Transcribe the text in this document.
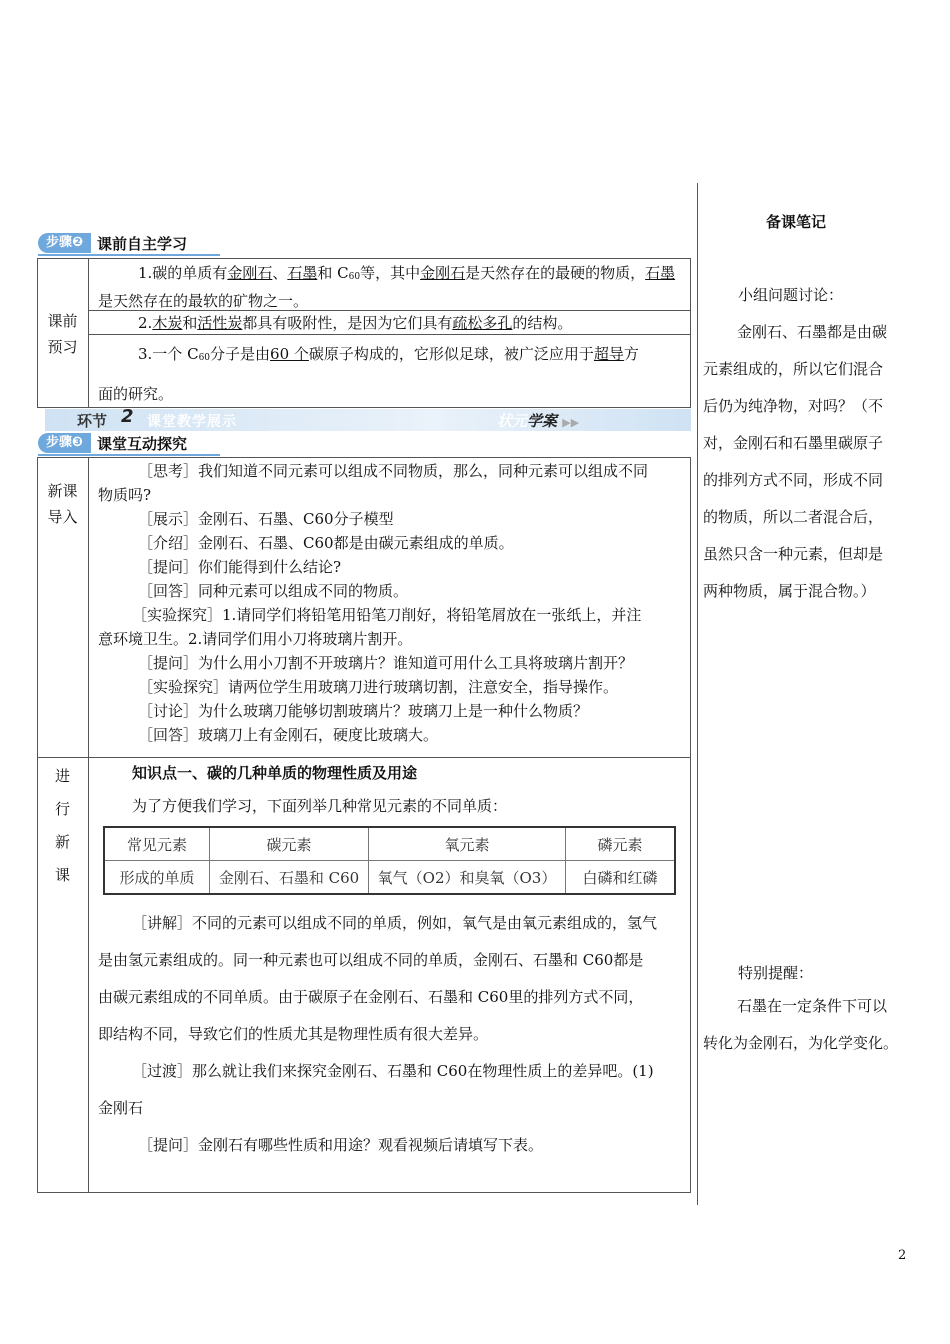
步骤❷ 课前自主学习
课前
预习
1.碳的单质有金刚石、石墨和 $C_{60}$等，其中金刚石是天然存在的最硬的物质，石墨是天然存在的最软的矿物之一。
2.木炭和活性炭都具有吸附性，是因为它们具有疏松多孔的结构。
3.一个 $C_{60}$分子是由60 个碳原子构成的，它形似足球，被广泛应用于超导方
面的研究。
环节 2 课堂教学展示	状元学案 ▶▶
步骤❸ 课堂互动探究
新课
导入
［思考］我们知道不同元素可以组成不同物质，那么，同种元素可以组成不同
物质吗?
［展示］金刚石、石墨、C60分子模型
［介绍］金刚石、石墨、C60都是由碳元素组成的单质。
［提问］你们能得到什么结论?
［回答］同种元素可以组成不同的物质。
［实验探究］1.请同学们将铅笔用铅笔刀削好，将铅笔屑放在一张纸上，并注
意环境卫生。2.请同学们用小刀将玻璃片割开。
［提问］为什么用小刀割不开玻璃片？谁知道可用什么工具将玻璃片割开？
［实验探究］请两位学生用玻璃刀进行玻璃切割，注意安全，指导操作。
［讨论］为什么玻璃刀能够切割玻璃片？玻璃刀上是一种什么物质？
［回答］玻璃刀上有金刚石，硬度比玻璃大。
进
行
新
课
知识点一、碳的几种单质的物理性质及用途
为了方便我们学习，下面列举几种常见元素的不同单质：
常见元素	碳元素	氧元素	磷元素
形成的单质	金刚石、石墨和 C60	氧气（O2）和臭氧（O3）	白磷和红磷
［讲解］不同的元素可以组成不同的单质，例如，氧气是由氧元素组成的，氢气
是由氢元素组成的。同一种元素也可以组成不同的单质，金刚石、石墨和 C60都是
由碳元素组成的不同单质。由于碳原子在金刚石、石墨和 C60里的排列方式不同，
即结构不同，导致它们的性质尤其是物理性质有很大差异。
［过渡］那么就让我们来探究金刚石、石墨和 C60在物理性质上的差异吧。(1)
金刚石
［提问］金刚石有哪些性质和用途？观看视频后请填写下表。
备课笔记
小组问题讨论：
金刚石、石墨都是由碳
元素组成的，所以它们混合
后仍为纯净物，对吗？（不
对，金刚石和石墨里碳原子
的排列方式不同，形成不同
的物质，所以二者混合后，
虽然只含一种元素，但却是
两种物质，属于混合物。）
特别提醒：
石墨在一定条件下可以
转化为金刚石，为化学变化。
2
